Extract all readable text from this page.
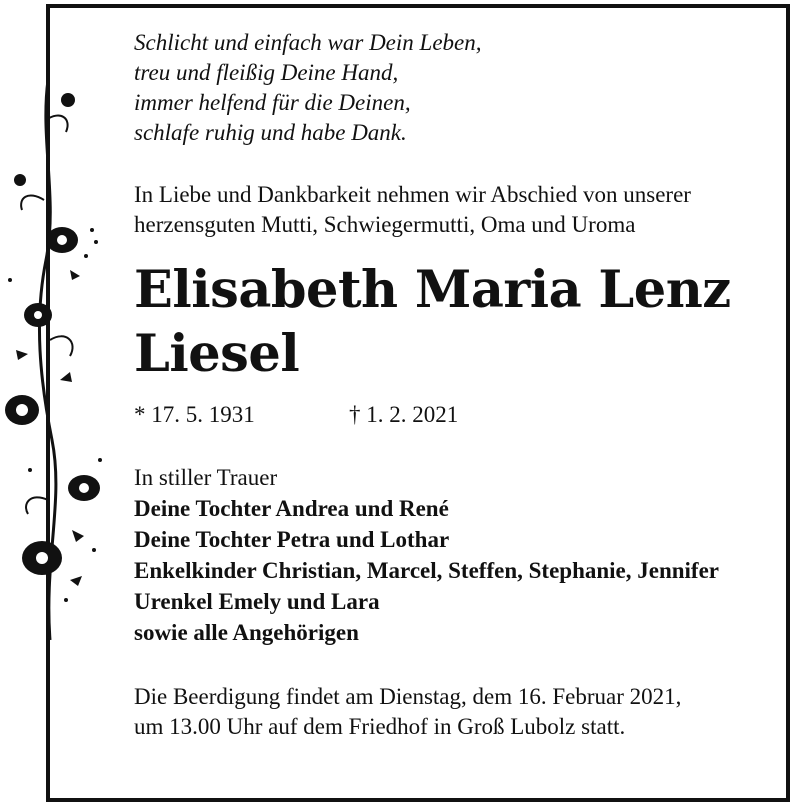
Schlicht und einfach war Dein Leben,
treu und fleißig Deine Hand,
immer helfend für die Deinen,
schlafe ruhig und habe Dank.
In Liebe und Dankbarkeit nehmen wir Abschied von unserer
herzensguten Mutti, Schwiegermutti, Oma und Uroma
Elisabeth Maria Lenz
Liesel
* 17. 5. 1931	† 1. 2. 2021
In stiller Trauer
Deine Tochter Andrea und René
Deine Tochter Petra und Lothar
Enkelkinder Christian, Marcel, Steffen, Stephanie, Jennifer
Urenkel Emely und Lara
sowie alle Angehörigen
Die Beerdigung findet am Dienstag, dem 16. Februar 2021,
um 13.00 Uhr auf dem Friedhof in Groß Lubolz statt.
